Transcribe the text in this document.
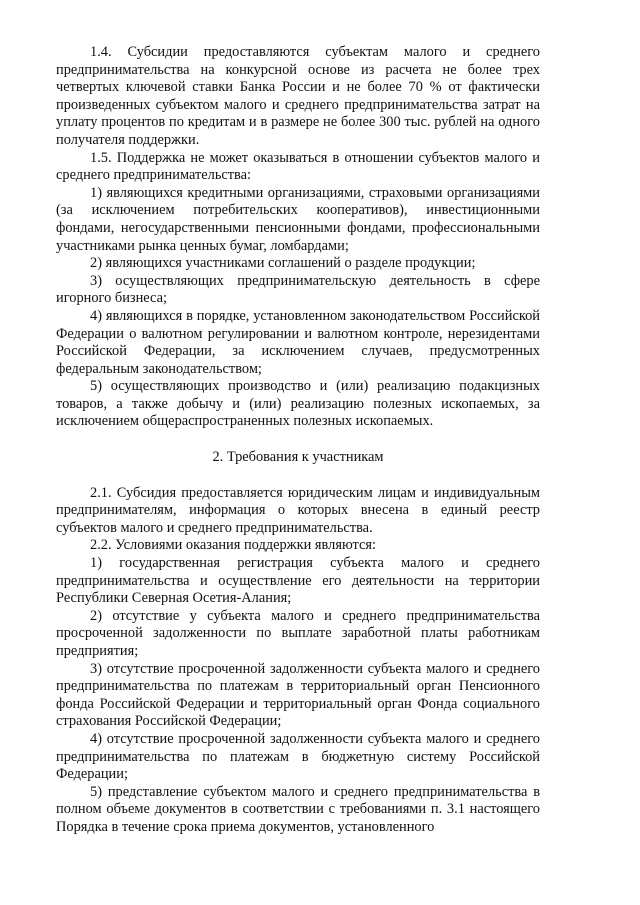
1.4. Субсидии предоставляются субъектам малого и среднего предпринимательства на конкурсной основе из расчета не более трех четвертых ключевой ставки Банка России и не более 70 % от фактически произведенных субъектом малого и среднего предпринимательства затрат на уплату процентов по кредитам и в размере не более 300 тыс. рублей на одного получателя поддержки.

1.5. Поддержка не может оказываться в отношении субъектов малого и среднего предпринимательства:

1) являющихся кредитными организациями, страховыми организациями (за исключением потребительских кооперативов), инвестиционными фондами, негосударственными пенсионными фондами, профессиональными участниками рынка ценных бумаг, ломбардами;

2) являющихся участниками соглашений о разделе продукции;

3) осуществляющих предпринимательскую деятельность в сфере игорного бизнеса;

4) являющихся в порядке, установленном законодательством Российской Федерации о валютном регулировании и валютном контроле, нерезидентами Российской Федерации, за исключением случаев, предусмотренных федеральным законодательством;

5) осуществляющих производство и (или) реализацию подакцизных товаров, а также добычу и (или) реализацию полезных ископаемых, за исключением общераспространенных полезных ископаемых.

2. Требования к участникам

2.1. Субсидия предоставляется юридическим лицам и индивидуальным предпринимателям, информация о которых внесена в единый реестр субъектов малого и среднего предпринимательства.

2.2. Условиями оказания поддержки являются:

1) государственная регистрация субъекта малого и среднего предпринимательства и осуществление его деятельности на территории Республики Северная Осетия-Алания;

2) отсутствие у субъекта малого и среднего предпринимательства просроченной задолженности по выплате заработной платы работникам предприятия;

3) отсутствие просроченной задолженности субъекта малого и среднего предпринимательства по платежам в территориальный орган Пенсионного фонда Российской Федерации и территориальный орган Фонда социального страхования Российской Федерации;

4) отсутствие просроченной задолженности субъекта малого и среднего предпринимательства по платежам в бюджетную систему Российской Федерации;

5) представление субъектом малого и среднего предпринимательства в полном объеме документов в соответствии с требованиями п. 3.1 настоящего Порядка в течение срока приема документов, установленного
